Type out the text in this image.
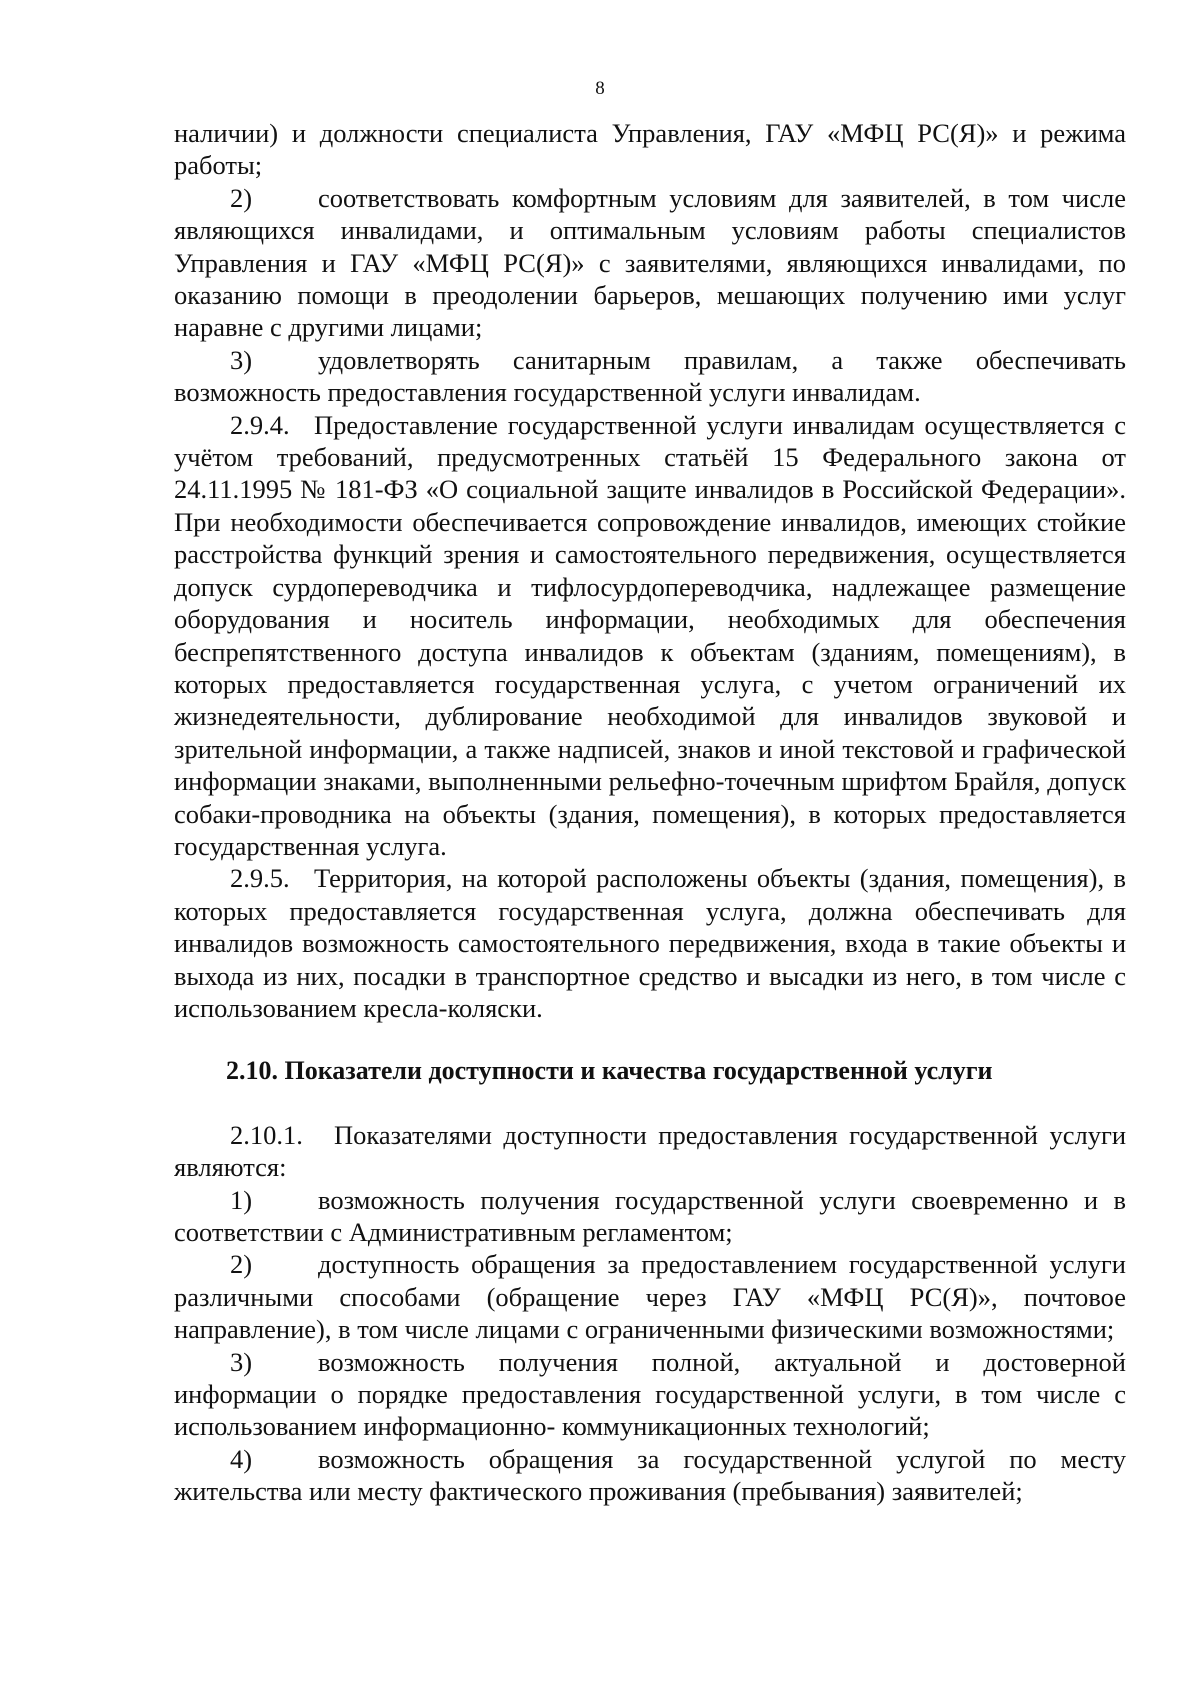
8

наличии) и должности специалиста Управления, ГАУ «МФЦ РС(Я)» и режима работы;

2) соответствовать комфортным условиям для заявителей, в том числе являющихся инвалидами, и оптимальным условиям работы специалистов Управления и ГАУ «МФЦ РС(Я)» с заявителями, являющихся инвалидами, по оказанию помощи в преодолении барьеров, мешающих получению ими услуг наравне с другими лицами;

3) удовлетворять санитарным правилам, а также обеспечивать возможность предоставления государственной услуги инвалидам.

2.9.4. Предоставление государственной услуги инвалидам осуществляется с учётом требований, предусмотренных статьёй 15 Федерального закона от 24.11.1995 № 181-ФЗ «О социальной защите инвалидов в Российской Федерации». При необходимости обеспечивается сопровождение инвалидов, имеющих стойкие расстройства функций зрения и самостоятельного передвижения, осуществляется допуск сурдопереводчика и тифлосурдопереводчика, надлежащее размещение оборудования и носитель информации, необходимых для обеспечения беспрепятственного доступа инвалидов к объектам (зданиям, помещениям), в которых предоставляется государственная услуга, с учетом ограничений их жизнедеятельности, дублирование необходимой для инвалидов звуковой и зрительной информации, а также надписей, знаков и иной текстовой и графической информации знаками, выполненными рельефно-точечным шрифтом Брайля, допуск собаки-проводника на объекты (здания, помещения), в которых предоставляется государственная услуга.

2.9.5. Территория, на которой расположены объекты (здания, помещения), в которых предоставляется государственная услуга, должна обеспечивать для инвалидов возможность самостоятельного передвижения, входа в такие объекты и выхода из них, посадки в транспортное средство и высадки из него, в том числе с использованием кресла-коляски.

2.10. Показатели доступности и качества государственной услуги

2.10.1. Показателями доступности предоставления государственной услуги являются:

1) возможность получения государственной услуги своевременно и в соответствии с Административным регламентом;

2) доступность обращения за предоставлением государственной услуги различными способами (обращение через ГАУ «МФЦ РС(Я)», почтовое направление), в том числе лицами с ограниченными физическими возможностями;

3) возможность получения полной, актуальной и достоверной информации о порядке предоставления государственной услуги, в том числе с использованием информационно- коммуникационных технологий;

4) возможность обращения за государственной услугой по месту жительства или месту фактического проживания (пребывания) заявителей;
